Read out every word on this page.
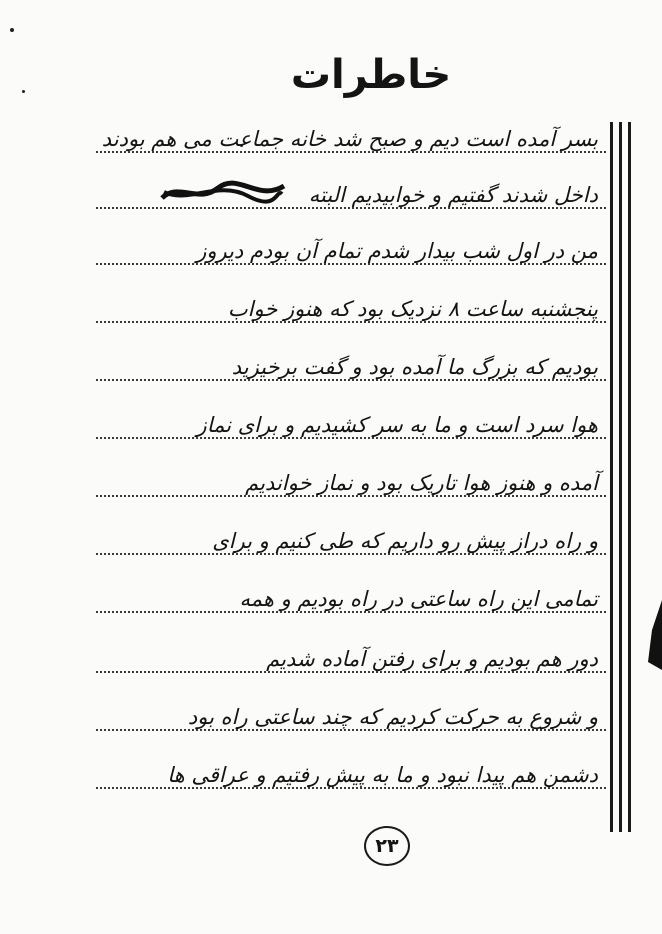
خاطرات
بسر آمده است دیم و صبح شد خانه جماعت می هم بودند
داخل شدند گفتیم و خوابیدیم البته
من در اول شب بیدار شدم تمام آن بودم دیروز
پنجشنبه ساعت ۸ نزدیک بود که هنوز خواب
بودیم که بزرگ ما آمده بود و گفت برخیزید
هوا سرد است و ما به سر کشیدیم و برای نماز
آمده و هنوز هوا تاریک بود و نماز خواندیم
و راه دراز پیش رو داریم که طی کنیم و برای
تمامی این راه ساعتی در راه بودیم و همه
دور هم بودیم و برای رفتن آماده شدیم
و شروع به حرکت کردیم که چند ساعتی راه بود
دشمن هم پیدا نبود و ما به پیش رفتیم و عراقی ها
۲۳
